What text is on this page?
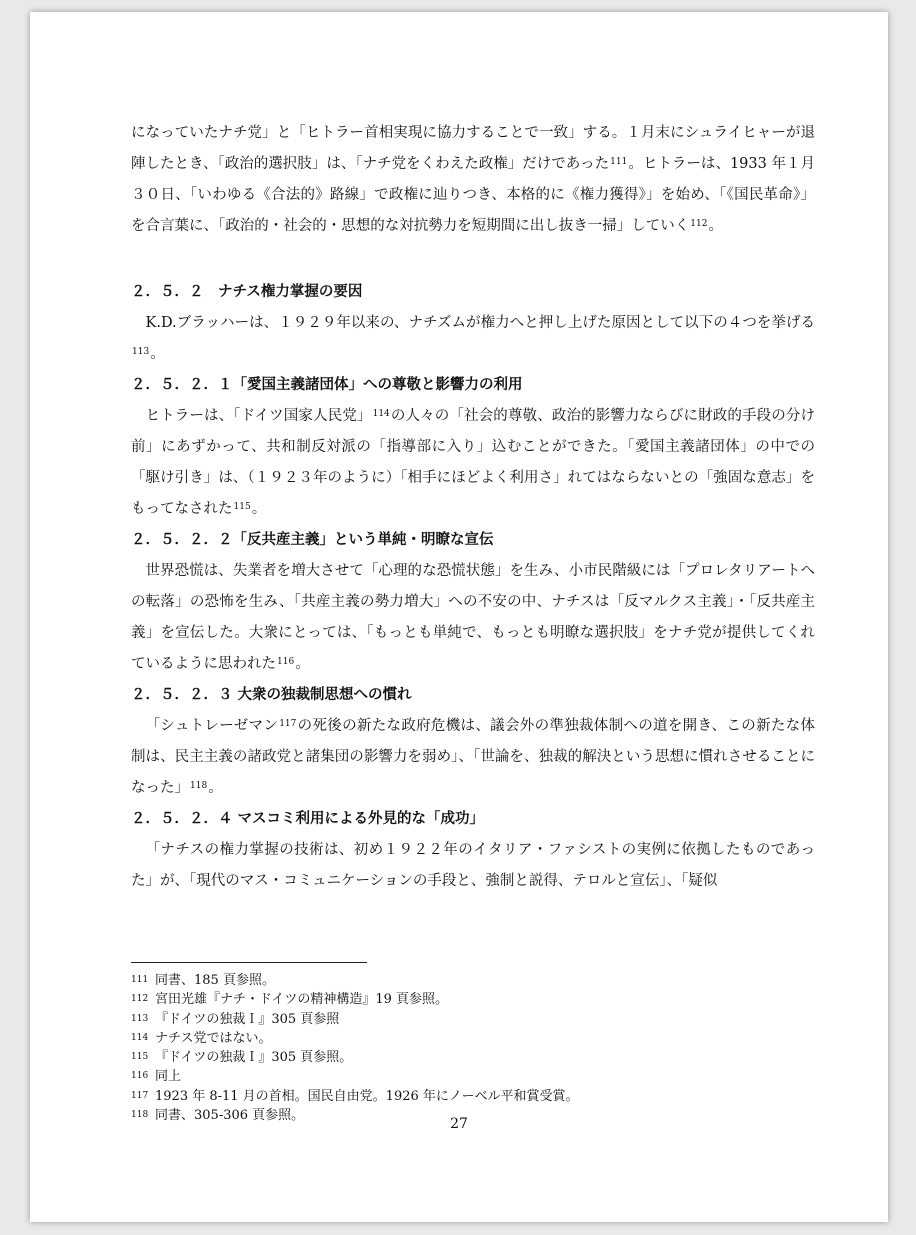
になっていたナチ党」と「ヒトラー首相実現に協力することで一致」する。１月末にシュライヒャーが退陣したとき、「政治的選択肢」は、「ナチ党をくわえた政権」だけであった$^{111}$。ヒトラーは、1933 年１月３０日、「いわゆる《合法的》路線」で政権に辿りつき、本格的に《権力獲得》」を始め、「《国民革命》」を合言葉に、「政治的・社会的・思想的な対抗勢力を短期間に出し抜き一掃」していく$^{112}$。

２．５．２　ナチス権力掌握の要因

K.D.ブラッハーは、１９２９年以来の、ナチズムが権力へと押し上げた原因として以下の４つを挙げる$^{113}$。

２．５．２．１「愛国主義諸団体」への尊敬と影響力の利用

ヒトラーは、「ドイツ国家人民党」$^{114}$の人々の「社会的尊敬、政治的影響力ならびに財政的手段の分け前」にあずかって、共和制反対派の「指導部に入り」込むことができた。「愛国主義諸団体」の中での「駆け引き」は、（１９２３年のように）「相手にほどよく利用さ」れてはならないとの「強固な意志」をもってなされた$^{115}$。

２．５．２．２「反共産主義」という単純・明瞭な宣伝

世界恐慌は、失業者を増大させて「心理的な恐慌状態」を生み、小市民階級には「プロレタリアートへの転落」の恐怖を生み、「共産主義の勢力増大」への不安の中、ナチスは「反マルクス主義」・「反共産主義」を宣伝した。大衆にとっては、「もっとも単純で、もっとも明瞭な選択肢」をナチ党が提供してくれているように思われた$^{116}$。

２．５．２．３ 大衆の独裁制思想への慣れ

「シュトレーゼマン$^{117}$の死後の新たな政府危機は、議会外の準独裁体制への道を開き、この新たな体制は、民主主義の諸政党と諸集団の影響力を弱め」、「世論を、独裁的解決という思想に慣れさせることになった」$^{118}$。

２．５．２．４ マスコミ利用による外見的な「成功」

「ナチスの権力掌握の技術は、初め１９２２年のイタリア・ファシストの実例に依拠したものであった」が、「現代のマス・コミュニケーションの手段と、強制と説得、テロルと宣伝」、「疑似

111 同書、185 頁参照。
112 宮田光雄『ナチ・ドイツの精神構造』19 頁参照。
113 『ドイツの独裁Ｉ』305 頁参照
114 ナチス党ではない。
115 『ドイツの独裁Ｉ』305 頁参照。
116 同上
117 1923 年 8-11 月の首相。国民自由党。1926 年にノーベル平和賞受賞。
118 同書、305-306 頁参照。
27
